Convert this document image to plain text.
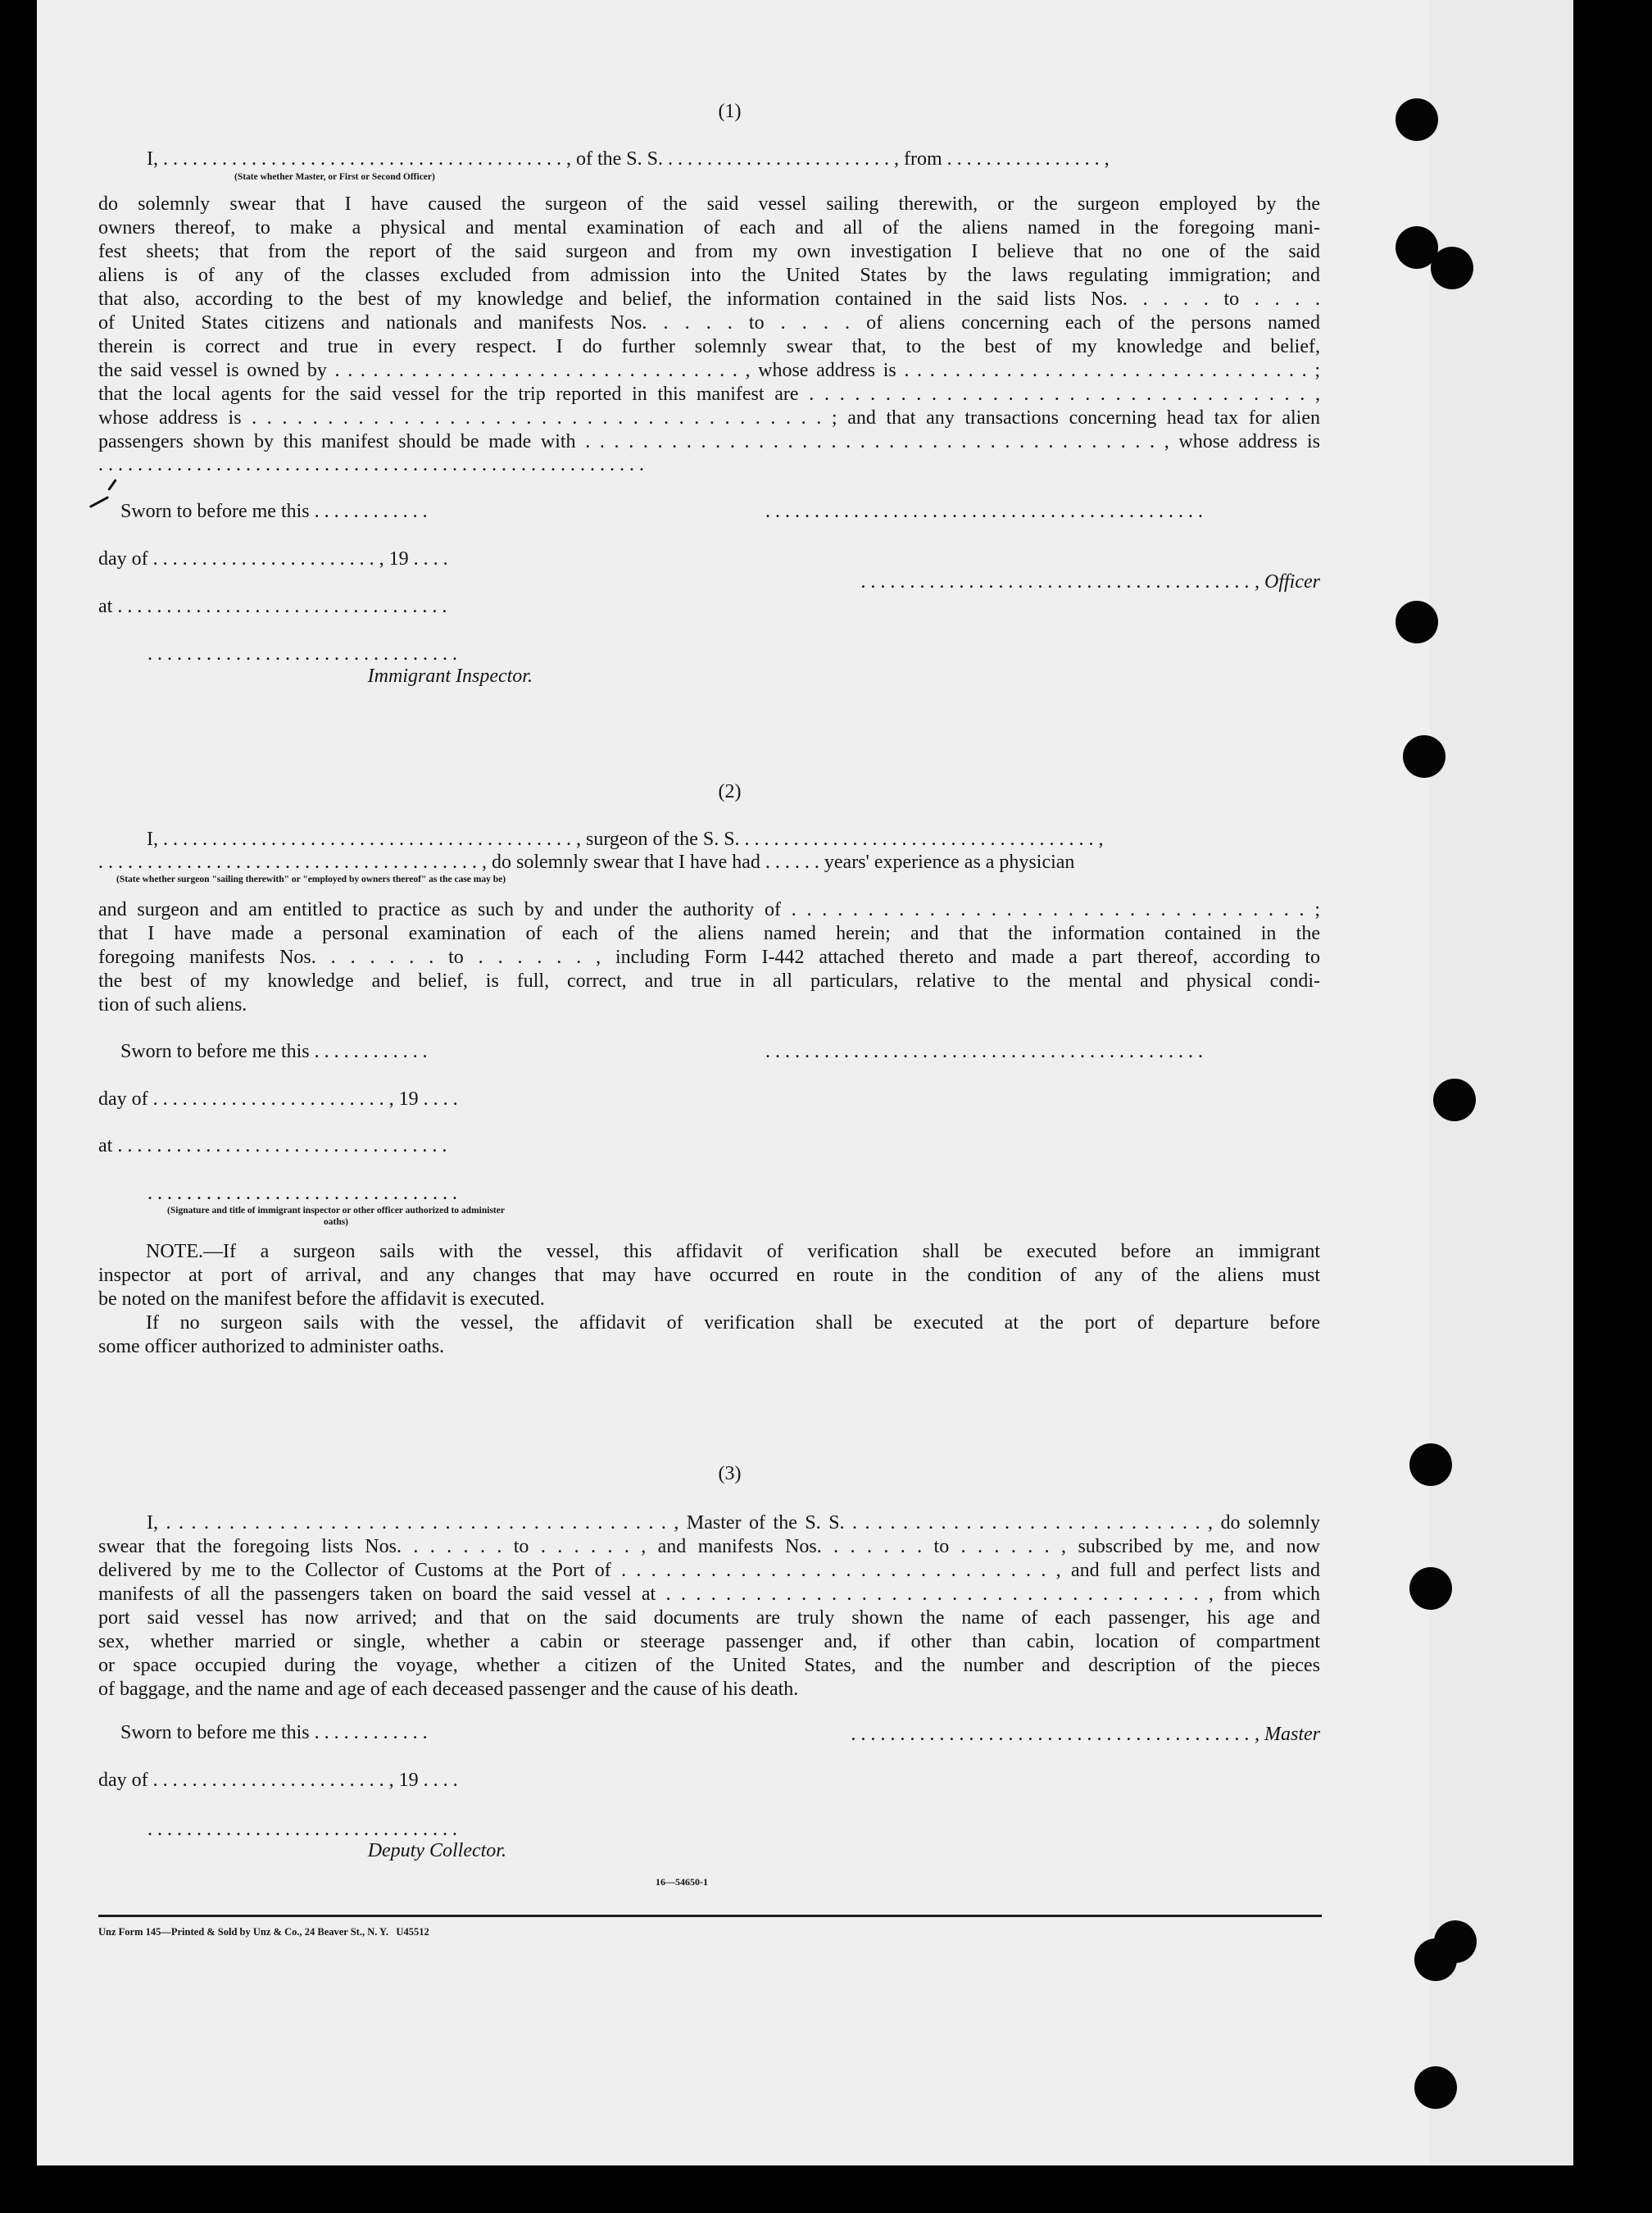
(1)
I, . . . . . . . . . . . . . . . . . . . . . . . . . . . . . . . . . . . . . . . . . , of the S. S. . . . . . . . . . . . . . . . . . . . . . . . , from . . . . . . . . . . . . . . . . ,
(State whether Master, or First or Second Officer)
do solemnly swear that I have caused the surgeon of the said vessel sailing therewith, or the surgeon employed by the
owners thereof, to make a physical and mental examination of each and all of the aliens named in the foregoing mani-
fest sheets; that from the report of the said surgeon and from my own investigation I believe that no one of the said
aliens is of any of the classes excluded from admission into the United States by the laws regulating immigration; and
that also, according to the best of my knowledge and belief, the information contained in the said lists Nos. . . . . to . . . .
of United States citizens and nationals and manifests Nos. . . . . to . . . . of aliens concerning each of the persons named
therein is correct and true in every respect. I do further solemnly swear that, to the best of my knowledge and belief,
the said vessel is owned by . . . . . . . . . . . . . . . . . . . . . . . . . . . . . . . . , whose address is . . . . . . . . . . . . . . . . . . . . . . . . . . . . . . . . ;
that the local agents for the said vessel for the trip reported in this manifest are . . . . . . . . . . . . . . . . . . . . . . . . . . . . . . . . . ,
whose address is . . . . . . . . . . . . . . . . . . . . . . . . . . . . . . . . . . . . . . ; and that any transactions concerning head tax for alien
passengers shown by this manifest should be made with . . . . . . . . . . . . . . . . . . . . . . . . . . . . . . . . . . . . . . . . , whose address is
. . . . . . . . . . . . . . . . . . . . . . . . . . . . . . . . . . . . . . . . . . . . . . . . . . . . . . . .
Sworn to before me this . . . . . . . . . . . .	. . . . . . . . . . . . . . . . . . . . . . . . . . . . . . . . . . . . . . . . . . . . .
day of . . . . . . . . . . . . . . . . . . . . . . . , 19 . . . .
. . . . . . . . . . . . . . . . . . . . . . . . . . . . . . . . . . . . . . . . , Officer
at . . . . . . . . . . . . . . . . . . . . . . . . . . . . . . . . . .
. . . . . . . . . . . . . . . . . . . . . . . . . . . . . . . .
Immigrant Inspector.
(2)
I, . . . . . . . . . . . . . . . . . . . . . . . . . . . . . . . . . . . . . . . . . . , surgeon of the S. S. . . . . . . . . . . . . . . . . . . . . . . . . . . . . . . . . . . . . ,
. . . . . . . . . . . . . . . . . . . . . . . . . . . . . . . . . . . . . . . , do solemnly swear that I have had . . . . . . years' experience as a physician
(State whether surgeon "sailing therewith" or "employed by owners thereof" as the case may be)
and surgeon and am entitled to practice as such by and under the authority of . . . . . . . . . . . . . . . . . . . . . . . . . . . . . . . . . . ;
that I have made a personal examination of each of the aliens named herein; and that the information contained in the
foregoing manifests Nos. . . . . . . to . . . . . . , including Form I-442 attached thereto and made a part thereof, according to
the best of my knowledge and belief, is full, correct, and true in all particulars, relative to the mental and physical condi-
tion of such aliens.
Sworn to before me this . . . . . . . . . . . .	. . . . . . . . . . . . . . . . . . . . . . . . . . . . . . . . . . . . . . . . . . . . .
day of . . . . . . . . . . . . . . . . . . . . . . . . , 19 . . . .
at . . . . . . . . . . . . . . . . . . . . . . . . . . . . . . . . . .
. . . . . . . . . . . . . . . . . . . . . . . . . . . . . . . .
(Signature and title of immigrant inspector or other officer authorized to administer oaths)
NOTE.—If a surgeon sails with the vessel, this affidavit of verification shall be executed before an immigrant
inspector at port of arrival, and any changes that may have occurred en route in the condition of any of the aliens must
be noted on the manifest before the affidavit is executed.
If no surgeon sails with the vessel, the affidavit of verification shall be executed at the port of departure before
some officer authorized to administer oaths.
(3)
I, . . . . . . . . . . . . . . . . . . . . . . . . . . . . . . . . . . . . . . . . , Master of the S. S. . . . . . . . . . . . . . . . . . . . . . . . . . . . . , do solemnly
swear that the foregoing lists Nos. . . . . . . to . . . . . . , and manifests Nos. . . . . . . to . . . . . . , subscribed by me, and now
delivered by me to the Collector of Customs at the Port of . . . . . . . . . . . . . . . . . . . . . . . . . . . . . , and full and perfect lists and
manifests of all the passengers taken on board the said vessel at . . . . . . . . . . . . . . . . . . . . . . . . . . . . . . . . . . . . , from which
port said vessel has now arrived; and that on the said documents are truly shown the name of each passenger, his age and
sex, whether married or single, whether a cabin or steerage passenger and, if other than cabin, location of compartment
or space occupied during the voyage, whether a citizen of the United States, and the number and description of the pieces
of baggage, and the name and age of each deceased passenger and the cause of his death.
Sworn to before me this . . . . . . . . . . . .	. . . . . . . . . . . . . . . . . . . . . . . . . . . . . . . . . . . . . . . . . , Master
day of . . . . . . . . . . . . . . . . . . . . . . . . , 19 . . . .
. . . . . . . . . . . . . . . . . . . . . . . . . . . . . . . .
Deputy Collector.
16—54650-1
Unz Form 145—Printed & Sold by Unz & Co., 24 Beaver St., N. Y.   U45512
